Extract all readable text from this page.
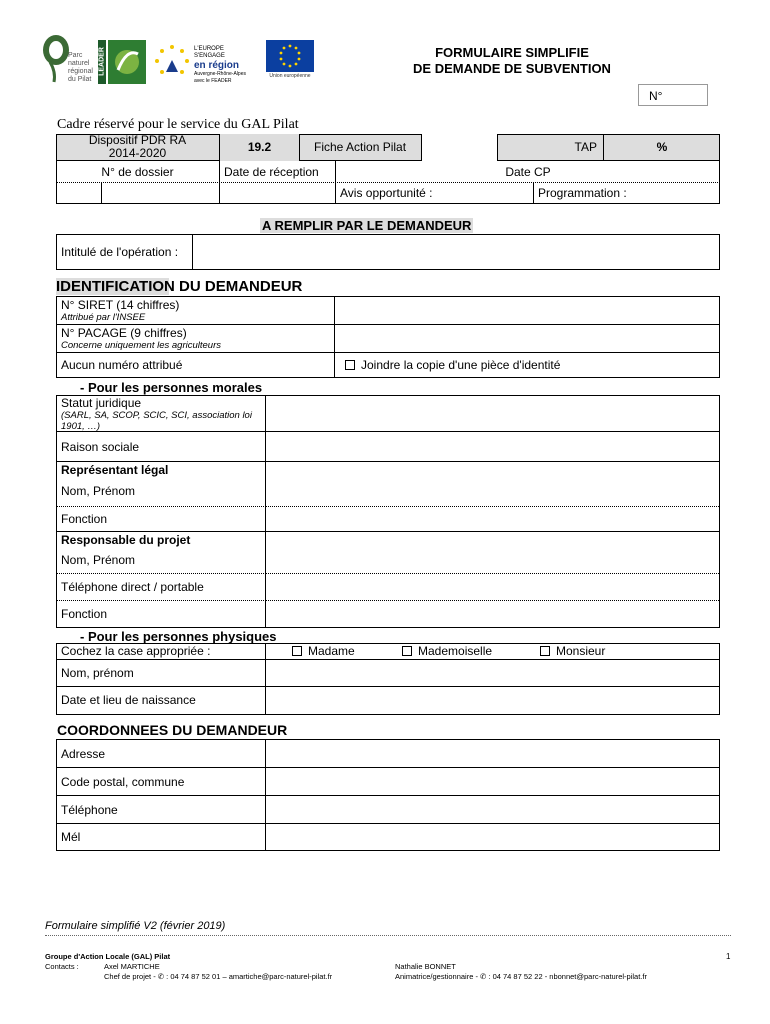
Parc
naturel
régional
du Pilat
LEADER	L'EUROPE S'ENGAGE
en région
Auvergne-Rhône-Alpes
avec le FEADER
Union européenne
FORMULAIRE SIMPLIFIE
DE DEMANDE DE SUBVENTION
N°
Cadre réservé pour le service du GAL Pilat
Dispositif PDR RA 2014-2020	19.2	Fiche Action Pilat	TAP	%
N° de dossier	Date de réception	Date CP
Avis opportunité :	Programmation :
A REMPLIR PAR LE DEMANDEUR
Intitulé de l'opération :
IDENTIFICATION DU DEMANDEUR
N° SIRET (14 chiffres)
Attribué par l'INSEE
N° PACAGE (9 chiffres)
Concerne uniquement les agriculteurs
Aucun numéro attribué	Joindre la copie d'une pièce d'identité
- Pour les personnes morales
Statut juridique
(SARL, SA, SCOP, SCIC, SCI, association loi 1901, …)
Raison sociale
Représentant légal
Nom, Prénom
Fonction
Responsable du projet
Nom, Prénom
Téléphone direct / portable
Fonction
- Pour les personnes physiques
Cochez la case appropriée :	Madame	Mademoiselle	Monsieur
Nom, prénom
Date et lieu de naissance
COORDONNEES DU DEMANDEUR
Adresse
Code postal, commune
Téléphone
Mél
Formulaire simplifié V2 (février 2019)
Groupe d'Action Locale (GAL) Pilat	1
Contacts :	Axel MARTICHE
Chef de projet - ✆ : 04 74 87 52 01 – amartiche@parc-naturel-pilat.fr
Nathalie BONNET
Animatrice/gestionnaire - ✆ : 04 74 87 52 22 - nbonnet@parc-naturel-pilat.fr
